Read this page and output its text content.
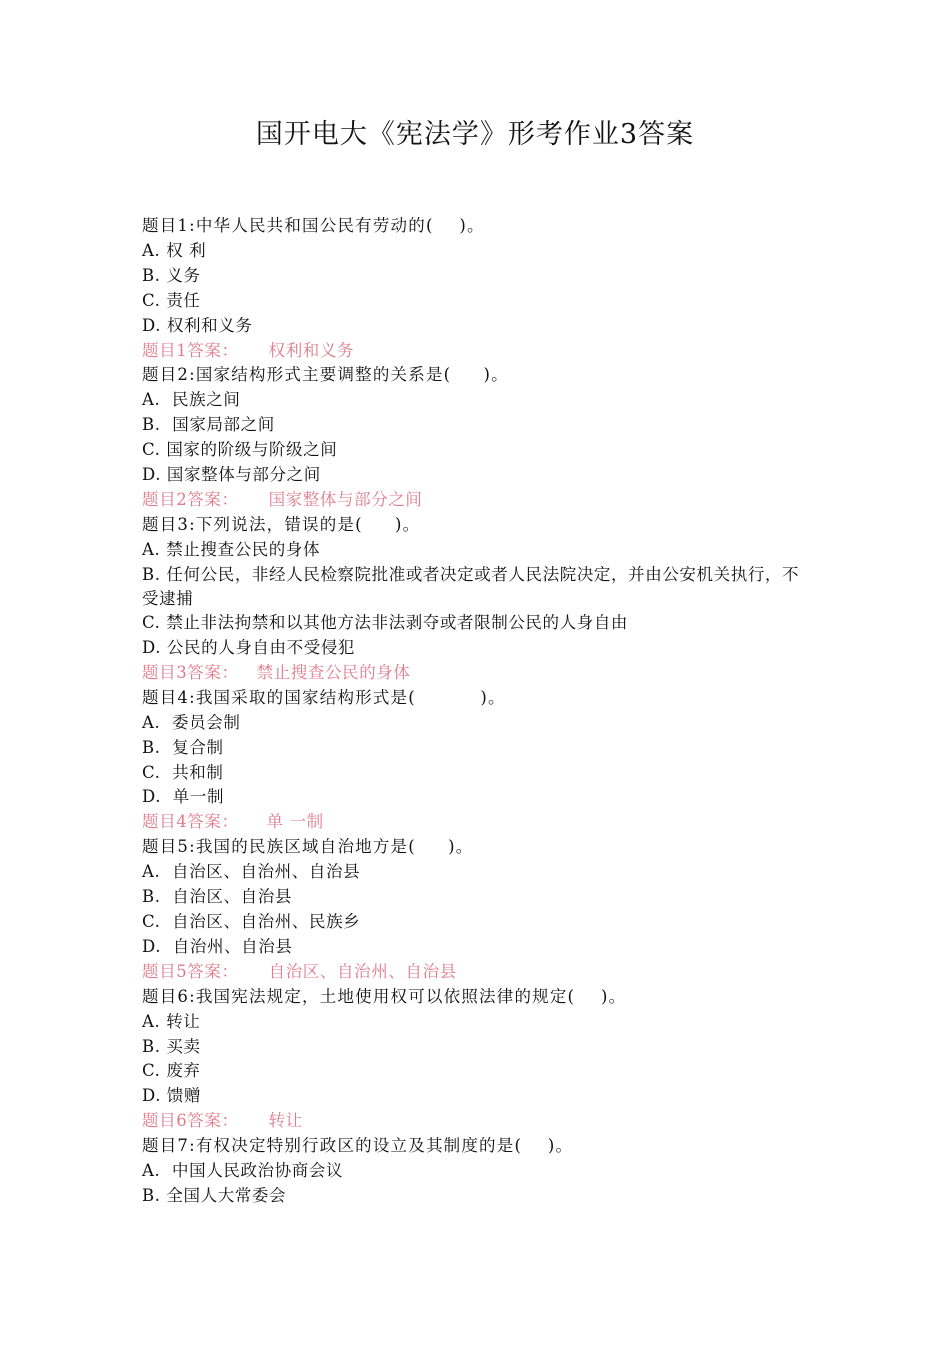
国开电大《宪法学》形考作业3答案
题目1:中华人民共和国公民有劳动的(    )。
A. 权 利
B. 义务
C. 责任
D. 权利和义务
题目1答案： 权利和义务
题目2:国家结构形式主要调整的关系是(     )。
A.  民族之间
B.  国家局部之间
C. 国家的阶级与阶级之间
D. 国家整体与部分之间
题目2答案： 国家整体与部分之间
题目3:下列说法，错误的是(     )。
A. 禁止搜查公民的身体
B. 任何公民，非经人民检察院批准或者决定或者人民法院决定，并由公安机关执行，不受逮捕
C. 禁止非法拘禁和以其他方法非法剥夺或者限制公民的人身自由
D. 公民的人身自由不受侵犯
题目3答案： 禁止搜查公民的身体
题目4:我国采取的国家结构形式是(          )。
A.  委员会制
B.  复合制
C.  共和制
D.  单一制
题目4答案： 单 一制
题目5:我国的民族区域自治地方是(     )。
A.  自治区、自治州、自治县
B.  自治区、自治县
C.  自治区、自治州、民族乡
D.  自治州、自治县
题目5答案： 自治区、自治州、自治县
题目6:我国宪法规定，土地使用权可以依照法律的规定(    )。
A. 转让
B. 买卖
C. 废弃
D. 馈赠
题目6答案： 转让
题目7:有权决定特别行政区的设立及其制度的是(    )。
A.  中国人民政治协商会议
B. 全国人大常委会
